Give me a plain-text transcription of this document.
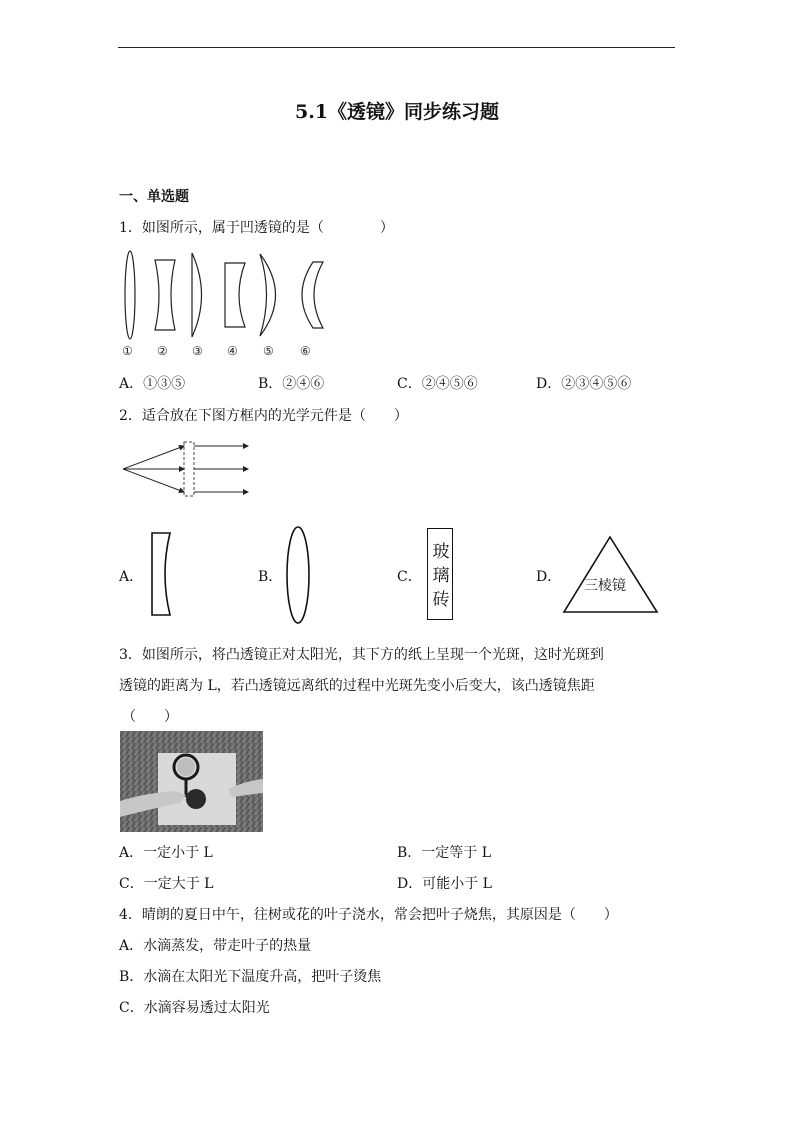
5.1《透镜》同步练习题
一、单选题
1．如图所示，属于凹透镜的是（　　　　）
① ② ③ ④ ⑤ ⑥
A．①③⑤	B．②④⑥	C．②④⑤⑥	D．②③④⑤⑥
2．适合放在下图方框内的光学元件是（　　）
A．	B．	C．
玻
璃
砖
D．
三棱镜
3．如图所示，将凸透镜正对太阳光，其下方的纸上呈现一个光斑，这时光斑到
透镜的距离为 L，若凸透镜远离纸的过程中光斑先变小后变大，该凸透镜焦距
（　　）
A．一定小于 L	B．一定等于 L
C．一定大于 L	D．可能小于 L
4．晴朗的夏日中午，往树或花的叶子浇水，常会把叶子烧焦，其原因是（　　）
A．水滴蒸发，带走叶子的热量
B．水滴在太阳光下温度升高，把叶子烫焦
C．水滴容易透过太阳光
